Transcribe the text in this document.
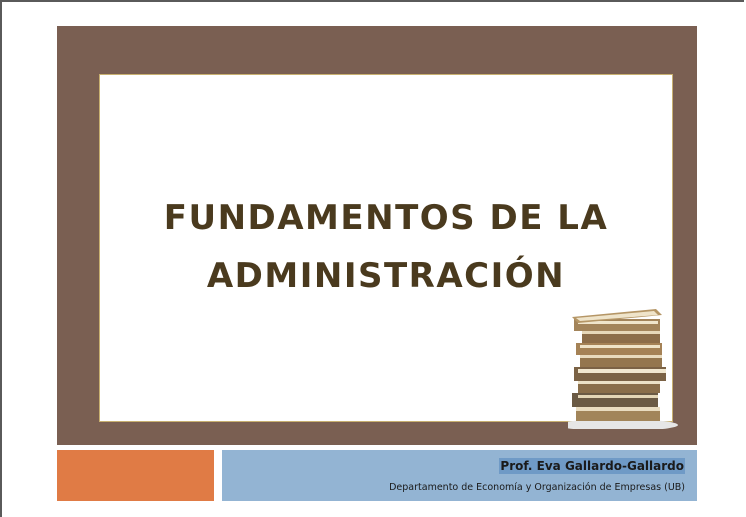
FUNDAMENTOS DE LA
ADMINISTRACIÓN
Prof. Eva Gallardo-Gallardo
Departamento de Economía y Organización de Empresas (UB)
